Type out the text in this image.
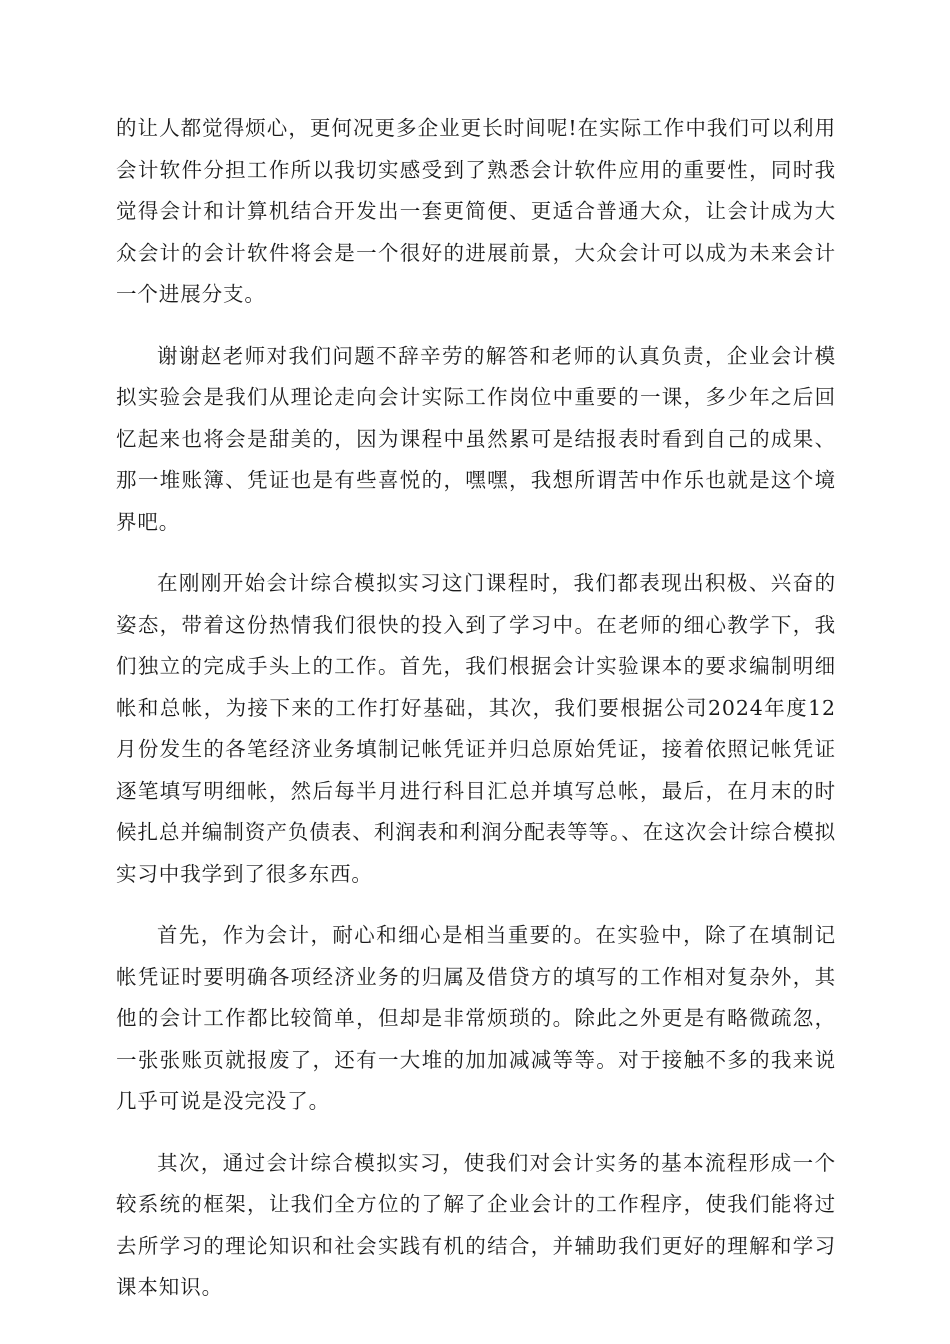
的让人都觉得烦心，更何况更多企业更长时间呢!在实际工作中我们可以利用会计软件分担工作所以我切实感受到了熟悉会计软件应用的重要性，同时我觉得会计和计算机结合开发出一套更简便、更适合普通大众，让会计成为大众会计的会计软件将会是一个很好的进展前景，大众会计可以成为未来会计一个进展分支。

谢谢赵老师对我们问题不辞辛劳的解答和老师的认真负责，企业会计模拟实验会是我们从理论走向会计实际工作岗位中重要的一课，多少年之后回忆起来也将会是甜美的，因为课程中虽然累可是结报表时看到自己的成果、那一堆账簿、凭证也是有些喜悦的，嘿嘿，我想所谓苦中作乐也就是这个境界吧。

在刚刚开始会计综合模拟实习这门课程时，我们都表现出积极、兴奋的姿态，带着这份热情我们很快的投入到了学习中。在老师的细心教学下，我们独立的完成手头上的工作。首先，我们根据会计实验课本的要求编制明细帐和总帐，为接下来的工作打好基础，其次，我们要根据公司2024年度12月份发生的各笔经济业务填制记帐凭证并归总原始凭证，接着依照记帐凭证逐笔填写明细帐，然后每半月进行科目汇总并填写总帐，最后，在月末的时候扎总并编制资产负债表、利润表和利润分配表等等。、在这次会计综合模拟实习中我学到了很多东西。

首先，作为会计，耐心和细心是相当重要的。在实验中，除了在填制记帐凭证时要明确各项经济业务的归属及借贷方的填写的工作相对复杂外，其他的会计工作都比较简单，但却是非常烦琐的。除此之外更是有略微疏忽，一张张账页就报废了，还有一大堆的加加减减等等。对于接触不多的我来说几乎可说是没完没了。

其次，通过会计综合模拟实习，使我们对会计实务的基本流程形成一个较系统的框架，让我们全方位的了解了企业会计的工作程序，使我们能将过去所学习的理论知识和社会实践有机的结合，并辅助我们更好的理解和学习课本知识。
